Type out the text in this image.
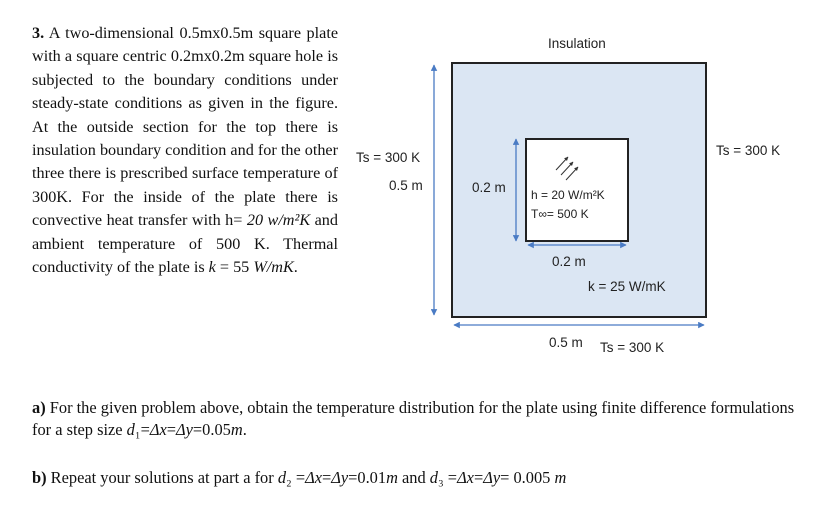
3. A two-dimensional 0.5mx0.5m square plate with a square centric 0.2mx0.2m square hole is subjected to the boundary conditions under steady-state conditions as given in the figure. At the outside section for the top there is insulation boundary condition and for the other three there is prescribed surface temperature of 300K. For the inside of the plate there is convective heat transfer with h= 20 w/m²K and ambient temperature of 500 K. Thermal conductivity of the plate is k = 55 W/mK.
Insulation
Ts = 300 K	Ts = 300 K
0.5 m	0.2 m h = 20 W/m²K
T∞= 500 K
0.2 m
k = 25 W/mK
0.5 m Ts = 300 K
a) For the given problem above, obtain the temperature distribution for the plate using finite difference formulations for a step size d₁=Δx=Δy=0.05m.
b) Repeat your solutions at part a for d₂ =Δx=Δy=0.01m and d₃ =Δx=Δy= 0.005 m
